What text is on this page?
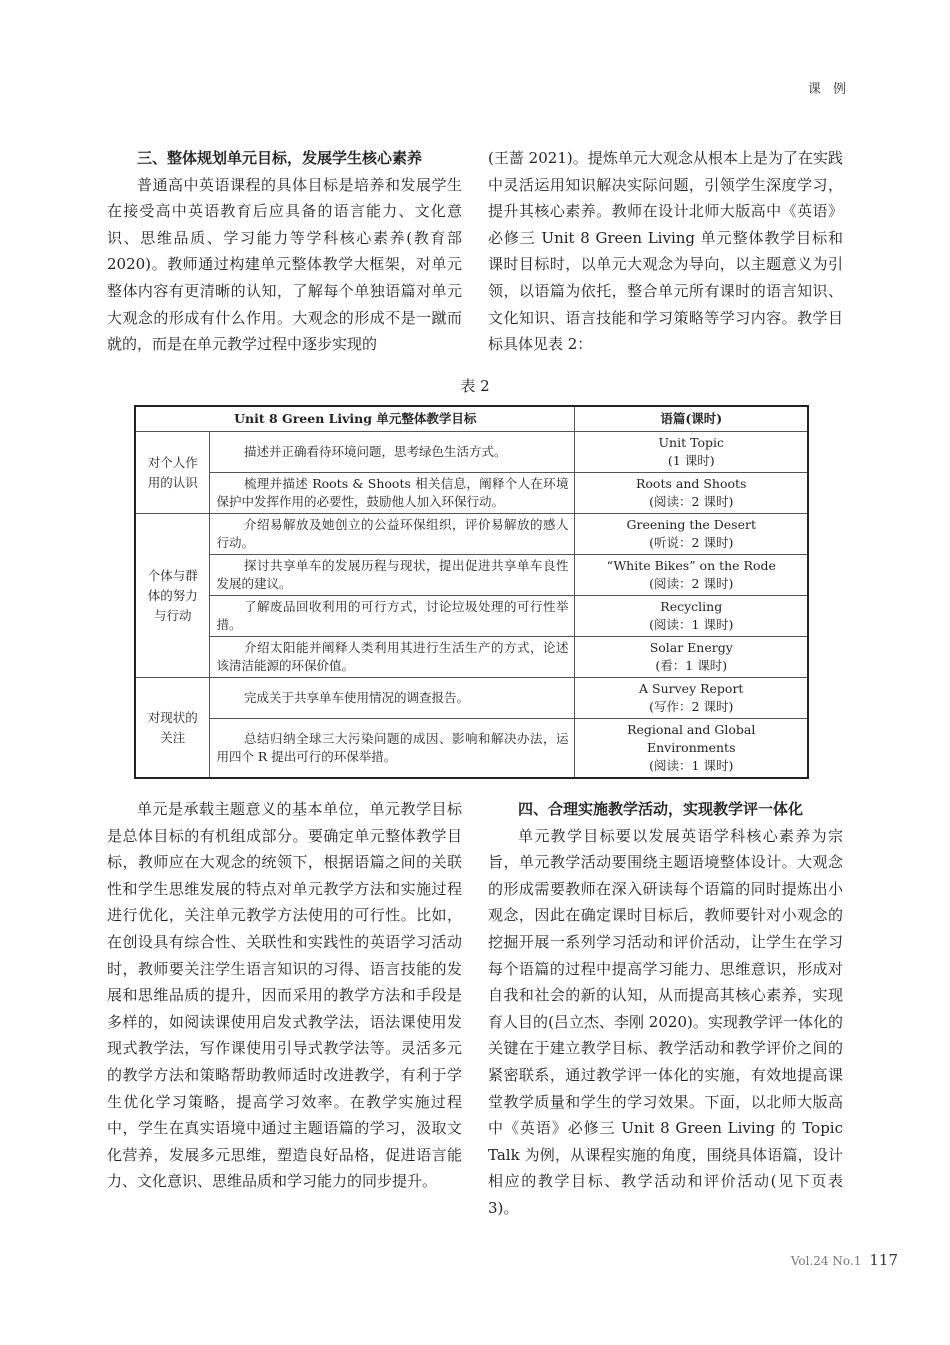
课 例
三、整体规划单元目标，发展学生核心素养

普通高中英语课程的具体目标是培养和发展学生在接受高中英语教育后应具备的语言能力、文化意识、思维品质、学习能力等学科核心素养(教育部 2020)。教师通过构建单元整体教学大框架，对单元整体内容有更清晰的认知，了解每个单独语篇对单元大观念的形成有什么作用。大观念的形成不是一蹴而就的，而是在单元教学过程中逐步实现的

(王蔷 2021)。提炼单元大观念从根本上是为了在实践中灵活运用知识解决实际问题，引领学生深度学习，提升其核心素养。教师在设计北师大版高中《英语》必修三 Unit 8 Green Living 单元整体教学目标和课时目标时，以单元大观念为导向，以主题意义为引领，以语篇为依托，整合单元所有课时的语言知识、文化知识、语言技能和学习策略等学习内容。教学目标具体见表 2：

表 2
Unit 8 Green Living 单元整体教学目标		语篇(课时)
对个人作用的认识	描述并正确看待环境问题，思考绿色生活方式。	Unit Topic
(1 课时)

	梳理并描述 Roots & Shoots 相关信息，阐释个人在环境保护中发挥作用的必要性，鼓励他人加入环保行动。	Roots and Shoots
(阅读：2 课时)

个体与群体的努力与行动	介绍易解放及她创立的公益环保组织，评价易解放的感人行动。	Greening the Desert
(听说：2 课时)

	探讨共享单车的发展历程与现状，提出促进共享单车良性发展的建议。	“White Bikes” on the Rode
(阅读：2 课时)

	了解废品回收利用的可行方式，讨论垃圾处理的可行性举措。	Recycling
(阅读：1 课时)

	介绍太阳能并阐释人类利用其进行生活生产的方式，论述该清洁能源的环保价值。	Solar Energy
(看：1 课时)

对现状的关注	完成关于共享单车使用情况的调查报告。	A Survey Report
(写作：2 课时)

	总结归纳全球三大污染问题的成因、影响和解决办法，运用四个 R 提出可行的环保举措。	Regional and Global Environments
(阅读：1 课时)

单元是承载主题意义的基本单位，单元教学目标是总体目标的有机组成部分。要确定单元整体教学目标，教师应在大观念的统领下，根据语篇之间的关联性和学生思维发展的特点对单元教学方法和实施过程进行优化，关注单元教学方法使用的可行性。比如，在创设具有综合性、关联性和实践性的英语学习活动时，教师要关注学生语言知识的习得、语言技能的发展和思维品质的提升，因而采用的教学方法和手段是多样的，如阅读课使用启发式教学法，语法课使用发现式教学法，写作课使用引导式教学法等。灵活多元的教学方法和策略帮助教师适时改进教学，有利于学生优化学习策略，提高学习效率。在教学实施过程中，学生在真实语境中通过主题语篇的学习，汲取文化营养，发展多元思维，塑造良好品格，促进语言能力、文化意识、思维品质和学习能力的同步提升。

四、合理实施教学活动，实现教学评一体化

单元教学目标要以发展英语学科核心素养为宗旨，单元教学活动要围绕主题语境整体设计。大观念的形成需要教师在深入研读每个语篇的同时提炼出小观念，因此在确定课时目标后，教师要针对小观念的挖掘开展一系列学习活动和评价活动，让学生在学习每个语篇的过程中提高学习能力、思维意识，形成对自我和社会的新的认知，从而提高其核心素养，实现育人目的(吕立杰、李刚 2020)。实现教学评一体化的关键在于建立教学目标、教学活动和教学评价之间的紧密联系，通过教学评一体化的实施，有效地提高课堂教学质量和学生的学习效果。下面，以北师大版高中《英语》必修三 Unit 8 Green Living 的 Topic Talk 为例，从课程实施的角度，围绕具体语篇，设计相应的教学目标、教学活动和评价活动(见下页表 3)。

Vol.24 No.1 117
